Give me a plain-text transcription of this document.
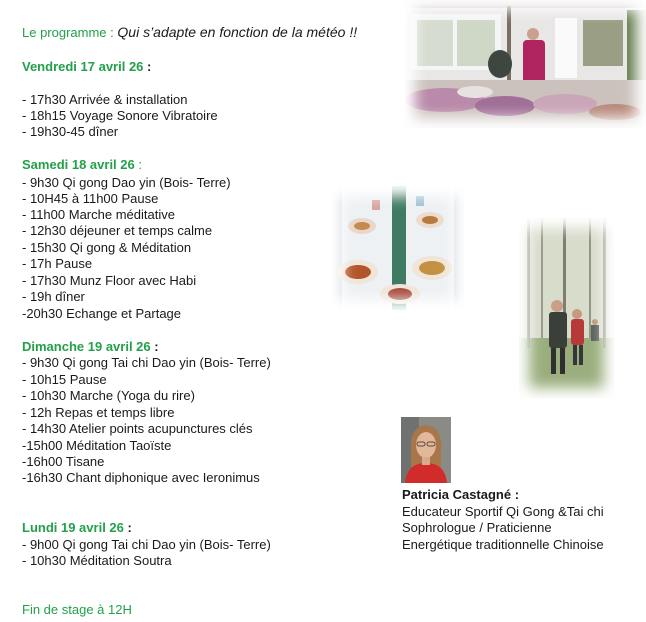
Le programme : Qui s’adapte en fonction de la météo !!
Vendredi 17 avril 26 :
- 17h30 Arrivée & installation
- 18h15 Voyage Sonore Vibratoire
- 19h30-45 dîner
Samedi 18 avril 26 :
- 9h30 Qi gong Dao yin (Bois- Terre)
- 10H45 à 11h00 Pause
- 11h00 Marche méditative
- 12h30 déjeuner et temps calme
- 15h30 Qi gong & Méditation
- 17h Pause
- 17h30 Munz Floor avec Habi
- 19h dîner
-20h30 Echange et Partage
Dimanche 19 avril 26 :
- 9h30 Qi gong Tai chi Dao yin (Bois- Terre)
- 10h15 Pause
- 10h30 Marche (Yoga du rire)
- 12h Repas et temps libre
- 14h30 Atelier points acupunctures clés
-15h00 Méditation Taoïste
-16h00 Tisane
-16h30 Chant diphonique avec Ieronimus
Lundi 19 avril 26 :
- 9h00 Qi gong Tai chi Dao yin (Bois- Terre)
- 10h30 Méditation Soutra
Fin de stage à 12H
Patricia Castagné :
Educateur Sportif Qi Gong &Tai chi
Sophrologue / Praticienne
Energétique traditionnelle Chinoise
